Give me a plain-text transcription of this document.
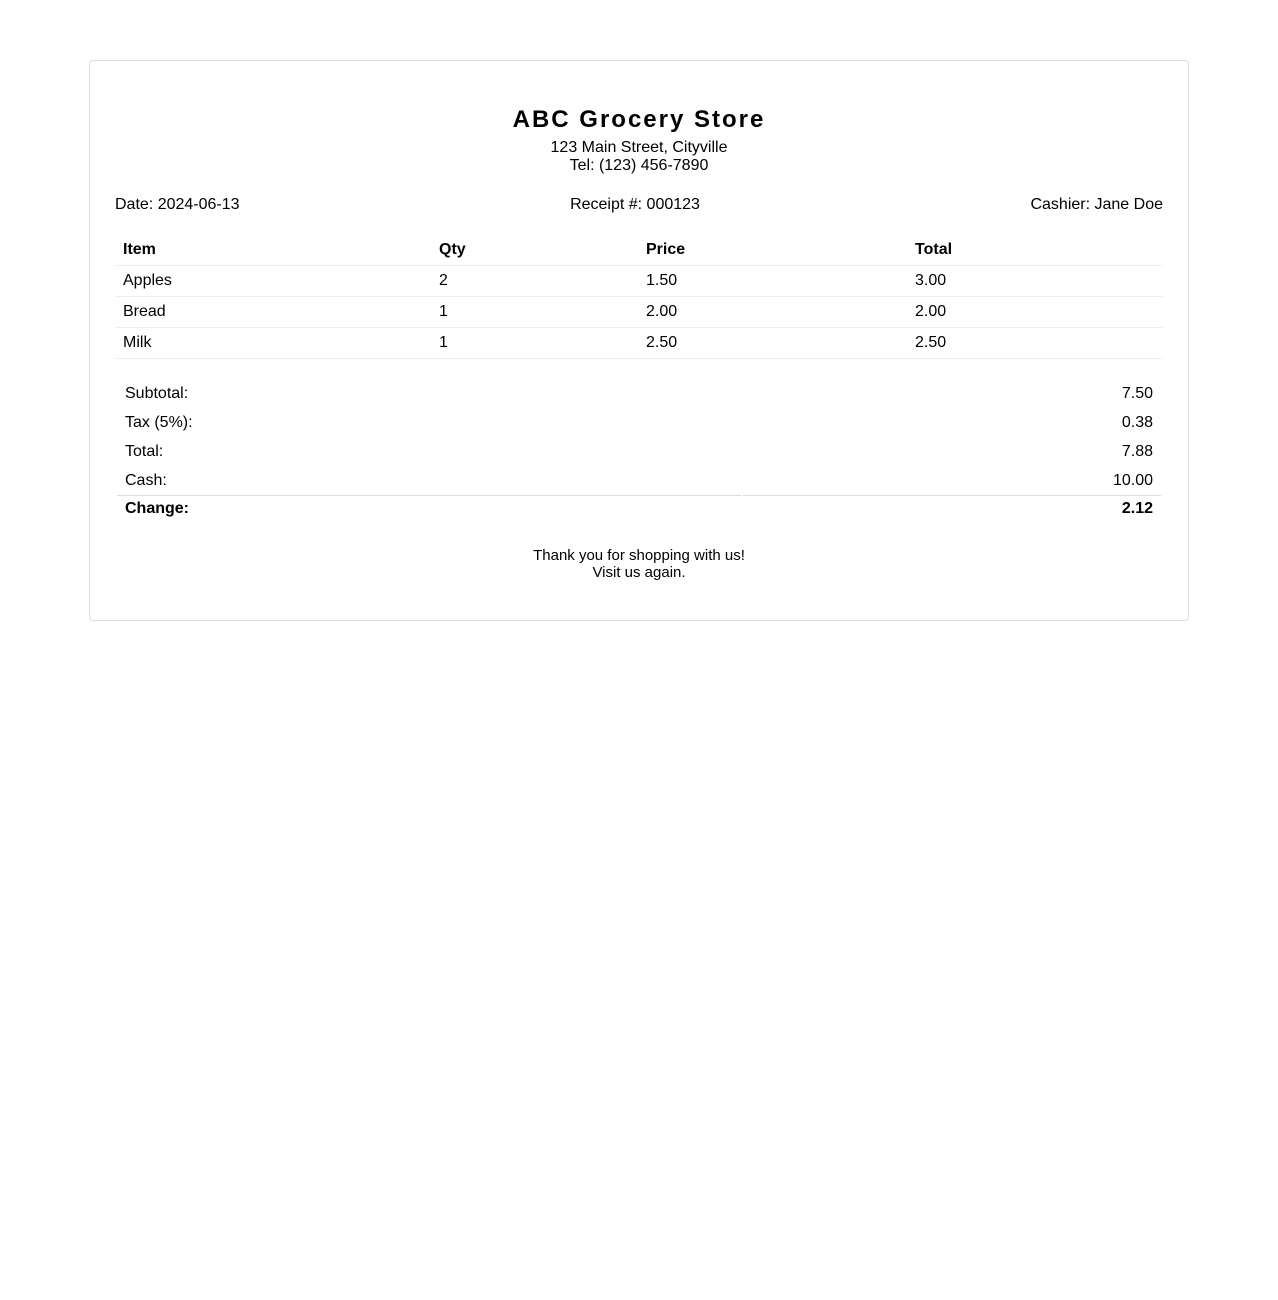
ABC Grocery Store
123 Main Street, Cityville
Tel: (123) 456-7890
Date: 2024-06-13	Receipt #: 000123	Cashier: Jane Doe
Item	Qty	Price	Total
Apples	2	1.50	3.00
Bread	1	2.00	2.00
Milk	1	2.50	2.50
Subtotal:	7.50
Tax (5%):	0.38
Total:	7.88
Cash:	10.00
Change:	2.12
Thank you for shopping with us!
Visit us again.
